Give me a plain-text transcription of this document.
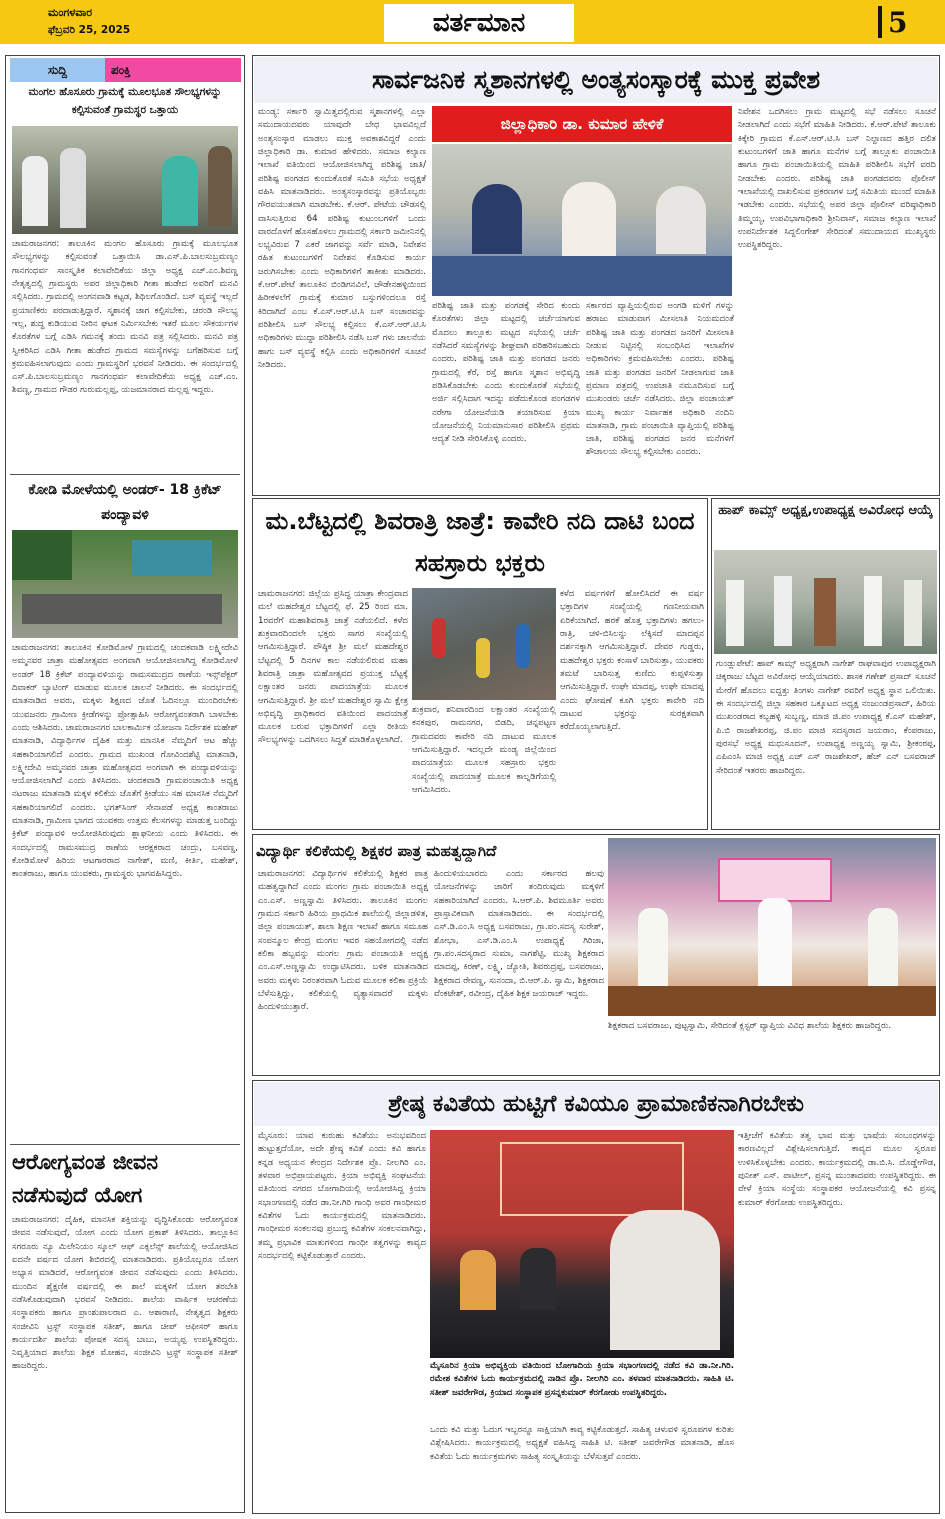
ಮಂಗಳವಾರ
ಫೆಬ್ರವರಿ 25, 2025	ವರ್ತಮಾನ	5
ಸುದ್ದಿ	ಪಂಕ್ತಿ
ಮಂಗಲ ಹೊಸೂರು ಗ್ರಾಮಕ್ಕೆ ಮೂಲಭೂತ ಸೌಲಭ್ಯಗಳನ್ನು ಕಲ್ಪಿಸುವಂತೆ ಗ್ರಾಮಸ್ಥರ ಒತ್ತಾಯ
ಚಾಮರಾಜನಗರ: ತಾಲೂಕಿನ ಮಂಗಲ ಹೊಸೂರು ಗ್ರಾಮಕ್ಕೆ ಮೂಲಭೂತ ಸೌಲಭ್ಯಗಳನ್ನು ಕಲ್ಪಿಸುವಂತೆ ಒತ್ತಾಯಿಸಿ ಡಾ.ಎಸ್.ಪಿ.ಬಾಲಸುಬ್ರಮಣ್ಯಂ ಗಾನಗಂಧರ್ವ ಸಾಂಸ್ಕೃತಿಕ ಕಲಾವೇದಿಕೆಯ ಜಿಲ್ಲಾ ಅಧ್ಯಕ್ಷ ಎಚ್.ಎಂ.ಶಿವಣ್ಣ ನೇತೃತ್ವದಲ್ಲಿ ಗ್ರಾಮಸ್ಥರು ಅಪರ ಜಿಲ್ಲಾಧಿಕಾರಿ ಗೀತಾ ಹುಡೇದ ಅವರಿಗೆ ಮನವಿ ಸಲ್ಲಿಸಿದರು. ಗ್ರಾಮದಲ್ಲಿ ಅಂಗನವಾಡಿ ಕಟ್ಟಡ, ಶಿಥಿಲಗೊಂಡಿದೆ. ಬಸ್ ವ್ಯವಸ್ಥೆ ಇಲ್ಲದೆ ಪ್ರಯಾಣಿಕರು ಪರದಾಡುತ್ತಿದ್ದಾರೆ. ಸ್ಮಶಾನಕ್ಕೆ ಜಾಗ ಕಲ್ಪಿಸಬೇಕು, ಚರಂಡಿ ಸೌಲಭ್ಯ ಇಲ್ಲ, ಶುದ್ಧ ಕುಡಿಯುವ ನೀರಿನ ಘಟಕ ನಿರ್ಮಿಸಬೇಕು ಇತರೆ ಮೂಲ ಸೌಕರ್ಯಗಳ ಕೊರತೆಗಳ ಬಗ್ಗೆ ಎಡಿಸಿ ಗಮನಕ್ಕೆ ತಂದು ಮನವಿ ಪತ್ರ ಸಲ್ಲಿಸಿದರು. ಮನವಿ ಪತ್ರ ಸ್ವೀಕರಿಸಿದ ಎಡಿಸಿ ಗೀತಾ ಹುಡೇದ ಗ್ರಾಮದ ಸಮಸ್ಯೆಗಳನ್ನು ಬಗೆಹರಿಸುವ ಬಗ್ಗೆ ಕ್ರಮವಹಿಸಲಾಗುವುದು ಎಂದು ಗ್ರಾಮಸ್ಥರಿಗೆ ಭರವಸೆ ನೀಡಿದರು. ಈ ಸಂದರ್ಭದಲ್ಲಿ ಎಸ್.ಪಿ.ಬಾಲಸುಬ್ರಮಣ್ಯಂ ಗಾನಗಂಧರ್ವ ಕಲಾವೇದಿಕೆಯ ಅಧ್ಯಕ್ಷ ಎಚ್.ಎಂ. ಶಿವಣ್ಣ, ಗ್ರಾಮದ ಗೌಡರ ಗುರುಮಲ್ಲಪ್ಪ, ಯಜಮಾನರಾದ ಮಲ್ಲಪ್ಪ ಇದ್ದರು.
ಕೋಡಿ ಮೋಳೆಯಲ್ಲಿ ಅಂಡರ್- 18 ಕ್ರಿಕೆಟ್ ಪಂದ್ಯಾವಳಿ
ಚಾಮರಾಜನಗರ: ತಾಲೂಕಿನ ಕೋಡಿಮೋಳೆ ಗ್ರಾಮದಲ್ಲಿ ಚಂದಕವಾಡಿ ಲಕ್ಷ್ಮೀದೇವಿ ಅಮ್ಮನವರ ಜಾತ್ರಾ ಮಹೋತ್ಸವದ ಅಂಗವಾಗಿ ಆಯೋಜಿಸಲಾಗಿದ್ದ ಕೋಡಿಮೋಳೆ ಅಂಡರ್ 18 ಕ್ರಿಕೆಟ್ ಪಂದ್ಯಾವಳಿಯನ್ನು ರಾಮಸಮುದ್ರದ ಠಾಣೆಯ ಇನ್ಸ್‌ಪೆಕ್ಟರ್ ದಿವಾಕರ್ ಬ್ಯಾಟಿಂಗ್ ಮಾಡುವ ಮೂಲಕ ಚಾಲನೆ ನೀಡಿದರು. ಈ ಸಂದರ್ಭದಲ್ಲಿ ಮಾತನಾಡಿದ ಅವರು, ಮಕ್ಕಳು ಶಿಕ್ಷಣದ ಜೊತೆ ಓದಿನಲ್ಲೂ ಮುಂದಿರಬೇಕು ಯುವಜನರು ಗ್ರಾಮೀಣ ಕ್ರೀಡೆಗಳನ್ನು ಪ್ರೋತ್ಸಾಹಿಸಿ ಆರೋಗ್ಯವಂತರಾಗಿ ಬಾಳಬೇಕು ಎಂದು ಆಶಿಸಿದರು. ಚಾಮರಾಜನಗರ ಬಾಲಕಾರ್ಮಿಕ ಯೋಜನಾ ನಿರ್ದೇಶಕ ಮಹೇಶ್ ಮಾತನಾಡಿ, ವಿದ್ಯಾರ್ಥಿಗಳ ದೈಹಿಕ ಮತ್ತು ಮಾನಸಿಕ ನೆಮ್ಮದಿಗೆ ಆಟ ಹೆಚ್ಚು ಸಹಕಾರಿಯಾಗಲಿದೆ ಎಂದರು. ಗ್ರಾಮದ ಮುಖಂಡ ಗೋವಿಂದಶೆಟ್ಟಿ ಮಾತನಾಡಿ, ಲಕ್ಷ್ಮೀದೇವಿ ಅಮ್ಮನವರ ಜಾತ್ರಾ ಮಹೋತ್ಸವದ ಅಂಗವಾಗಿ ಈ ಪಂದ್ಯಾವಳಿಯನ್ನು ಆಯೋಜಿಸಲಾಗಿದೆ ಎಂದು ತಿಳಿಸಿದರು. ಚಂದಕವಾಡಿ ಗ್ರಾಮಪಂಚಾಯಿತಿ ಅಧ್ಯಕ್ಷ ನಟರಾಜು ಮಾತನಾಡಿ ಮಕ್ಕಳ ಕಲಿಕೆಯ ಜೊತೆಗೆ ಕ್ರೀಡೆಯು ಸಹ ಮಾನಸಿಕ ನೆಮ್ಮದಿಗೆ ಸಹಕಾರಿಯಾಗಲಿದೆ ಎಂದರು. ಭಗತ್‌ಸಿಂಗ್ ಸೇನಾಪಡೆ ಅಧ್ಯಕ್ಷ ಕಾಂತರಾಜು ಮಾತನಾಡಿ, ಗ್ರಾಮೀಣ ಭಾಗದ ಯುವಕರು ಉತ್ತಮ ಕೆಲಸಗಳನ್ನು ಮಾಡುತ್ತ ಬಂದಿದ್ದು ಕ್ರಿಕೆಟ್ ಪಂದ್ಯಾವಳಿ ಆಯೋಜಿಸಿರುವುದು ಶ್ಲಾಘನೀಯ ಎಂದು ತಿಳಿಸಿದರು. ಈ ಸಂದರ್ಭದಲ್ಲಿ ರಾಮಸಮುದ್ರ ಠಾಣೆಯ ಆರಕ್ಷಕರಾದ ಚಂದ್ರು, ಬಸವಣ್ಣ, ಕೋಡಿಮೋಳೆ ಹಿರಿಯ ಆಟಗಾರರಾದ ನಾಗೇಶ್, ಮಣಿ, ಕೀರ್ತಿ, ಮಹೇಶ್, ಕಾಂತರಾಜು, ಹಾಗೂ ಯುವಕರು, ಗ್ರಾಮಸ್ಥರು ಭಾಗವಹಿಸಿದ್ದರು.
ಆರೋಗ್ಯವಂತ ಜೀವನ ನಡೆಸುವುದೆ ಯೋಗ
ಚಾಮರಾಜನಗರ: ದೈಹಿಕ, ಮಾನಸಿಕ ಶಕ್ತಿಯನ್ನು ವೃದ್ಧಿಸಿಕೊಂಡು ಆರೋಗ್ಯವಂತ ಜೀವನ ನಡೆಸುವುದೆ, ಯೋಗ ಎಂದು ಯೋಗ ಪ್ರಕಾಶ್ ತಿಳಿಸಿದರು. ತಾಲ್ಲೂಕಿನ ಸಗರೂರು ನ್ಯೂ ಮಿಲೇನಿಯಂ ಸ್ಕೂಲ್ ಆಫ್ ಎಕ್ಸಲೆನ್ಸ್ ಶಾಲೆಯಲ್ಲಿ ಆಯೋಜಿಸಿದ ಐದನೇ ವರ್ಷದ ಯೋಗ ಶಿಬಿರದಲ್ಲಿ ಮಾತನಾಡಿದರು. ಪ್ರತಿಯೊಬ್ಬರೂ ಯೋಗ ಅಭ್ಯಾಸ ಮಾಡಿದರೆ, ಆರೋಗ್ಯವಂತ ಜೀವನ ನಡೆಸುವುದು ಎಂದು ತಿಳಿಸಿದರು. ಮುಂದಿನ ಶೈಕ್ಷಣಿಕ ವರ್ಷದಲ್ಲಿ ಈ ಶಾಲೆ ಮಕ್ಕಳಿಗೆ ಯೋಗ ತರಬೇತಿ ನಡೆಸಿಕೊಡುವುದಾಗಿ ಭರವಸೆ ನೀಡಿದರು. ಶಾಲೆಯ ವಾರ್ಷಿಕ ಆಚರಣೆಯ ಸಂಸ್ಥಾಪಕರು ಹಾಗೂ ಪ್ರಾಂಶುಪಾಲರಾದ ಎ. ಆಶಾರಾಣಿ, ನೇತೃತ್ವದ ಶಿಕ್ಷಕರು ಸಂಜೀವಿನಿ ಟ್ರಸ್ಟ್ ಸಂಸ್ಥಾಪಕ ಸತೀಶ್, ಹಾಗೂ ಚೀಪ್ ಆಫೀಸರ್ ಹಾಗೂ ಕಾರ್ಯದರ್ಶಿ ಶಾಲೆಯ ಪೋಷಕ ಸದಸ್ಯ ಬಾಬು, ಅಯ್ಯಪ್ಪ ಉಪಸ್ಥಿತರಿದ್ದರು. ನಿವೃತ್ತಿಯಾದ ಶಾಲೆಯ ಶಿಕ್ಷಕ ಮೋಹನ, ಸಂಜೀವಿನಿ ಟ್ರಸ್ಟ್ ಸಂಸ್ಥಾಪಕ ಸತೀಶ್ ಹಾಜರಿದ್ದರು.
ಸಾರ್ವಜನಿಕ ಸ್ಮಶಾನಗಳಲ್ಲಿ ಅಂತ್ಯಸಂಸ್ಕಾರಕ್ಕೆ ಮುಕ್ತ ಪ್ರವೇಶ
ಮಂಡ್ಯ: ಸರ್ಕಾರಿ ಸ್ವಾಮಿತ್ವದಲ್ಲಿರುವ ಸ್ಮಶಾನಗಳಲ್ಲಿ ಎಲ್ಲಾ ಸಮುದಾಯದವರು ಯಾವುದೇ ಬೇಧ ಭಾವವಿಲ್ಲದೆ ಅಂತ್ಯಸಂಸ್ಕಾರ ಮಾಡಲು ಮುಕ್ತ ಅವಕಾಶವಿದ್ದರೆ ಎಂದು ಜಿಲ್ಲಾಧಿಕಾರಿ ಡಾ. ಕುಮಾರ ಹೇಳಿದರು. ಸಮಾಜ ಕಲ್ಯಾಣ ಇಲಾಖೆ ವತಿಯಿಂದ ಆಯೋಜಿಸಲಾಗಿದ್ದ ಪರಿಶಿಷ್ಟ ಜಾತಿ/ ಪರಿಶಿಷ್ಟ ಪಂಗಡದ ಕುಂದುಕೊರತೆ ಸಮಿತಿ ಸಭೆಯ ಅಧ್ಯಕ್ಷತೆ ವಹಿಸಿ ಮಾತನಾಡಿದರು. ಅಂತ್ಯಸಂಸ್ಕಾರವನ್ನು ಪ್ರತಿಯೊಬ್ಬರು ಗೌರವಯುತವಾಗಿ ಮಾಡಬೇಕು. ಕೆ.ಆರ್. ಪೇಟೆಯ ಚೌಡಸಲ್ಲಿ ವಾಸಿಸುತ್ತಿರುವ 64 ಪರಿಶಿಷ್ಟ ಕುಟುಂಬಗಳಿಗೆ ಒಂದು ವಾರದೊಳಗೆ ಹೊಸಹೊಳಲು ಗ್ರಾಮದಲ್ಲಿ ಸರ್ಕಾರಿ ಜಮೀನಿನಲ್ಲಿ ಲಭ್ಯವಿರುವ 7 ಎಕರೆ ಜಾಗವನ್ನು ಸರ್ವೆ ಮಾಡಿ, ನಿವೇಶನ ರಹಿತ ಕುಟುಂಬಗಳಿಗೆ ನಿವೇಶನ ಕೊಡಿಸುವ ಕಾರ್ಯ ಜರುಗಿಸಬೇಕು ಎಂದು ಅಧಿಕಾರಿಗಳಿಗೆ ತಾಕೀತು ಮಾಡಿದರು. ಕೆ.ಆರ್.ಪೇಟೆ ತಾಲೂಕಿನ ಬಿಂಡಿಗನವಿಲೆ, ಚೌಡೇನಹಳ್ಳಿಯಿಂದ ಹಿರೀಕಳಲೆಗೆ ಗ್ರಾಮಕ್ಕೆ ಕುಮಾರ ಬಸ್ಸುಗಳಿಂದಲೂ ರಸ್ತೆ ಕಿರಿದಾಗಿದೆ ಎಂಬ ಕೆ.ಎಸ್.ಆರ್.ಟಿ.ಸಿ ಬಸ್ ಸಂಚಾರವನ್ನು ಪರಿಶೀಲಿಸಿ ಬಸ್ ಸೌಲಭ್ಯ ಕಲ್ಪಿಸಲು ಕೆ.ಎಸ್.ಆರ್.ಟಿ.ಸಿ ಅಧಿಕಾರಿಗಳು ಮುದ್ದಾ ಪರಿಶೀಲಿಸಿ ನಡೆಸಿ ಬಸ್ ಗಳು ಚಾಲನೆಯ ಹಾಗು ಬಸ್ ವ್ಯವಸ್ಥೆ ಕಲ್ಪಿಸಿ ಎಂದು ಅಧಿಕಾರಿಗಳಿಗೆ ಸೂಚನೆ ನೀಡಿದರು.
ಜಿಲ್ಲಾಧಿಕಾರಿ ಡಾ. ಕುಮಾರ ಹೇಳಿಕೆ
ಪರಿಶಿಷ್ಟ ಜಾತಿ ಮತ್ತು ಪಂಗಡಕ್ಕೆ ಸೇರಿದ ಕುಂದು ಕೊರತೆಗಳು ಜಿಲ್ಲಾ ಮಟ್ಟದಲ್ಲಿ ಚರ್ಚೆಯಾಗುವ ಮೊದಲು ತಾಲ್ಲೂಕು ಮಟ್ಟದ ಸಭೆಯಲ್ಲಿ ಚರ್ಚೆ ನಡೆಸಿದರೆ ಸಮಸ್ಯೆಗಳನ್ನು ಶೀಘ್ರವಾಗಿ ಪರಿಹರಿಸಬಹುದು ಎಂದರು. ಪರಿಶಿಷ್ಟ ಜಾತಿ ಮತ್ತು ಪಂಗಡದ ಜನರು ಗ್ರಾಮದಲ್ಲಿ ಕೆರೆ, ರಸ್ತೆ ಹಾಗೂ ಸ್ಮಶಾನ ಅಭಿವೃದ್ಧಿ ಪಡಿಸಿಕೊಡಬೇಕು ಎಂದು ಕುಂದುಕೊರತೆ ಸಭೆಯಲ್ಲಿ ಅರ್ಜಿ ಸಲ್ಲಿಸಿದಾಗ ಇದನ್ನು ಪಡೆದುಕೊಂಡ ಪಂಗಡಗಳ ನರೇಗಾ ಯೋಜನೆಯಡಿ ತಯಾರಿಸುವ ಕ್ರಿಯಾ ಯೋಜನೆಯಲ್ಲಿ ನಿಯಮಾನುಸಾರ ಪರಿಶೀಲಿಸಿ ಪ್ರಥಮ ಆದ್ಯತೆ ನೀಡಿ ಸೇರಿಸಿಕೊಳ್ಳಿ ಎಂದರು.
ಸರ್ಕಾರದ ವ್ಯಾಪ್ತಿಯಲ್ಲಿರುವ ಅಂಗಡಿ ಮಳಿಗೆ ಗಳನ್ನು ಹರಾಜು ಮಾಡುವಾಗ ಮೀಸಲಾತಿ ನಿಯಮದಂತೆ ಪರಿಶಿಷ್ಟ ಜಾತಿ ಮತ್ತು ಪಂಗಡದ ಜನರಿಗೆ ಮೀಸಲಾತಿ ನೀಡುವ ನಿಟ್ಟಿನಲ್ಲಿ ಸಂಬಂಧಿಸಿದ ಇಲಾಖೆಗಳ ಅಧಿಕಾರಿಗಳು ಕ್ರಮವಹಿಸಬೇಕು ಎಂದರು. ಪರಿಶಿಷ್ಟ ಜಾತಿ ಮತ್ತು ಪಂಗಡದ ಜನರಿಗೆ ನೀಡಲಾಗುವ ಜಾತಿ ಪ್ರಮಾಣ ಪತ್ರದಲ್ಲಿ ಉಪಜಾತಿ ನಮೂದಿಸುವ ಬಗ್ಗೆ ಮುಖಂಡರು ಚರ್ಚೆ ನಡೆಸಿದರು. ಜಿಲ್ಲಾ ಪಂಚಾಯತ್ ಮುಖ್ಯ ಕಾರ್ಯ ನಿರ್ವಾಹಕ ಅಧಿಕಾರಿ ನಂದಿನಿ ಮಾತನಾಡಿ, ಗ್ರಾಮ ಪಂಚಾಯಿತಿ ವ್ಯಾಪ್ತಿಯಲ್ಲಿ ಪರಿಶಿಷ್ಟ ಜಾತಿ, ಪರಿಶಿಷ್ಟ ಪಂಗಡದ ಜನರ ಮನೆಗಳಿಗೆ ಶೌಚಾಲಯ ಸೌಲಭ್ಯ ಕಲ್ಪಿಸಬೇಕು ಎಂದರು.
ನಿವೇಶನ ಒದಗಿಸಲು ಗ್ರಾಮ ಮಟ್ಟದಲ್ಲಿ ಸಭೆ ನಡೆಸಲು ಸೂಚನೆ ನೀಡಲಾಗಿದೆ ಎಂದು ಸಭೆಗೆ ಮಾಹಿತಿ ನೀಡಿದರು. ಕೆ.ಆರ್.ಪೇಟೆ ತಾಲೂಕು ಕಿಕ್ಕೇರಿ ಗ್ರಾಮದ ಕೆ.ಎಸ್.ಆರ್.ಟಿ.ಸಿ ಬಸ್ ನಿಲ್ದಾಣದ ಹತ್ತಿರ ದಲಿತ ಕುಟುಂಬಗಳಿಗೆ ಜಾತಿ ಹಾಗೂ ಮನೆಗಳ ಬಗ್ಗೆ ತಾಲ್ಲೂಕು ಪಂಚಾಯಿತಿ ಹಾಗೂ ಗ್ರಾಮ ಪಂಚಾಯಿತಿಯಲ್ಲಿ ಮಾಹಿತಿ ಪರಿಶೀಲಿಸಿ ಸಭೆಗೆ ವರದಿ ನೀಡಬೇಕು ಎಂದರು. ಪರಿಶಿಷ್ಟ ಜಾತಿ ಪಂಗಡದವರು ಪೊಲೀಸ್ ಇಲಾಖೆಯಲ್ಲಿ ದಾಖಲಿಸುವ ಪ್ರಕರಣಗಳ ಬಗ್ಗೆ ಸಮಿತಿಯ ಮುಂದೆ ಮಾಹಿತಿ ಇಡಬೇಕು ಎಂದರು. ಸಭೆಯಲ್ಲಿ ಅಪರ ಜಿಲ್ಲಾ ಪೊಲೀಸ್ ವರಿಷ್ಠಾಧಿಕಾರಿ ತಿಮ್ಮಯ್ಯ, ಉಪವಿಭಾಗಾಧಿಕಾರಿ ಶ್ರೀನಿವಾಸ್, ಸಮಾಜ ಕಲ್ಯಾಣ ಇಲಾಖೆ ಉಪನಿರ್ದೇಶಕ ಸಿದ್ದಲಿಂಗೇಶ್ ಸೇರಿದಂತೆ ಸಮುದಾಯದ ಮುಖ್ಯಸ್ಥರು ಉಪಸ್ಥಿತರಿದ್ದರು.
ಮ.ಬೆಟ್ಟದಲ್ಲಿ ಶಿವರಾತ್ರಿ ಜಾತ್ರೆ: ಕಾವೇರಿ ನದಿ ದಾಟಿ ಬಂದ ಸಹಸ್ರಾರು ಭಕ್ತರು
ಚಾಮರಾಜನಗರ: ಜಿಲ್ಲೆಯ ಪ್ರಸಿದ್ಧ ಯಾತ್ರಾ ಕೇಂದ್ರವಾದ ಮಲೆ ಮಹದೇಶ್ವರ ಬೆಟ್ಟದಲ್ಲಿ ಫೆ. 25 ರಿಂದ ಮಾ. 1ರವರೆಗೆ ಮಹಾಶಿವರಾತ್ರಿ ಜಾತ್ರೆ ನಡೆಯಲಿದೆ. ಕಳೆದ ಶುಕ್ರವಾರದಿಂದಲೇ ಭಕ್ತರು ಸಾಗರ ಸಂಖ್ಯೆಯಲ್ಲಿ ಆಗಮಿಸುತ್ತಿದ್ದಾರೆ. ಪೌಷ್ಠಿಕ ಶ್ರೀ ಮಲೆ ಮಹದೇಶ್ವರ ಬೆಟ್ಟದಲ್ಲಿ 5 ದಿನಗಳ ಕಾಲ ನಡೆಯಲಿರುವ ಮಹಾ ಶಿವರಾತ್ರಿ ಜಾತ್ರಾ ಮಹೋತ್ಸವದ ಪ್ರಯುಕ್ತ ಬೆಟ್ಟಕ್ಕೆ ಲಕ್ಷಾಂತರ ಜನರು ಪಾದಯಾತ್ರೆಯ ಮೂಲಕ ಆಗಮಿಸುತ್ತಿದ್ದಾರೆ. ಶ್ರೀ ಮಲೆ ಮಹದೇಶ್ವರ ಸ್ವಾಮಿ ಕ್ಷೇತ್ರ ಅಭಿವೃದ್ಧಿ ಪ್ರಾಧಿಕಾರದ ವತಿಯಿಂದ ಪಾದಯಾತ್ರೆ ಮೂಲಕ ಬರುವ ಭಕ್ತಾದಿಗಳಿಗೆ ಎಲ್ಲಾ ರೀತಿಯ ಸೌಲಭ್ಯಗಳನ್ನು ಒದಗಿಸಲು ಸಿದ್ಧತೆ ಮಾಡಿಕೊಳ್ಳಲಾಗಿದೆ.
ಶುಕ್ರವಾರ, ಶನಿವಾರದಿಂದ ಲಕ್ಷಾಂತರ ಸಂಖ್ಯೆಯಲ್ಲಿ ಕನಕಪುರ, ರಾಮನಗರ, ಬಿಡದಿ, ಚನ್ನಪಟ್ಟಣ ಗ್ರಾಮದವರು ಕಾವೇರಿ ನದಿ ದಾಟುವ ಮೂಲಕ ಆಗಮಿಸುತ್ತಿದ್ದಾರೆ. ಇದಲ್ಲದೇ ಮಂಡ್ಯ ಜಿಲ್ಲೆಯಿಂದ ಪಾದಯಾತ್ರೆಯ ಮೂಲಕ ಸಹಸ್ರಾರು ಭಕ್ತರು ಸಂಖ್ಯೆಯಲ್ಲಿ ಪಾದಯಾತ್ರೆ ಮೂಲಕ ಕಾಲ್ನಡಿಗೆಯಲ್ಲಿ ಆಗಮಿಸಿದರು.
ಕಳೆದ ವರ್ಷಗಳಿಗೆ ಹೋಲಿಸಿದರೆ ಈ ವರ್ಷ ಭಕ್ತಾದಿಗಳ ಸಂಖ್ಯೆಯಲ್ಲಿ ಗಣನೀಯವಾಗಿ ಏರಿಕೆಯಾಗಿದೆ. ಹರಕೆ ಹೊತ್ತ ಭಕ್ತಾದಿಗಳು ಹಗಲು-ರಾತ್ರಿ, ಚಳಿ-ಬಿಸಿಲನ್ನು ಲೆಕ್ಕಿಸದೆ ಮಾದಪ್ಪನ ದರ್ಶನಕ್ಕಾಗಿ ಆಗಮಿಸುತ್ತಿದ್ದಾರೆ. ದೇವರ ಗುಡ್ಡರು, ಮಹದೇಶ್ವರ ಭಕ್ತರು ಕಂಸಾಳೆ ಬಾರಿಸುತ್ತಾ, ಯುವಕರು ತಮಟೆ ಬಾರಿಸುತ್ತ ಕುಣಿದು ಕುಪ್ಪಳಿಸುತ್ತಾ ಆಗಮಿಸುತ್ತಿದ್ದಾರೆ. ಉಘೇ ಮಾದಪ್ಪ, ಉಘೇ ಮಾದಪ್ಪ ಎಂದು ಘೋಷಣೆ ಕೂಗಿ ಭಕ್ತರು ಕಾವೇರಿ ನದಿ ದಾಟುವ ಭಕ್ತರನ್ನು ಸುರಕ್ಷತವಾಗಿ ಕರೆದೊಯ್ಯಲಾಗುತ್ತಿದೆ.
ಹಾಪ್ ಕಾಮ್ಸ್ ಅಧ್ಯಕ್ಷ,ಉಪಾಧ್ಯಕ್ಷ ಅವಿರೋಧ ಆಯ್ಕೆ
ಗುಂಡ್ಲುಪೇಟೆ: ಹಾಪ್ ಕಾಮ್ಸ್ ಅಧ್ಯಕ್ಷರಾಗಿ ನಾಗೇಶ್ ರಾಘವಾಪುರ ಉಪಾಧ್ಯಕ್ಷರಾಗಿ ಚಿಕ್ಕರಾಜು ಬೆಟ್ಟದ ಅವಿರೋಧ ಆಯ್ಕೆಯಾದರು. ಶಾಸಕ ಗಣೇಶ್ ಪ್ರಸಾದ್ ಸೂಚನೆ ಮೇರೆಗೆ ಹೊದಲು ಐದ್ದತ್ತು ತಿಂಗಳು ನಾಗೇಶ್ ರವರಿಗೆ ಅಧ್ಯಕ್ಷ ಸ್ಥಾನ ಒಲಿಯಿತು. ಈ ಸಂದರ್ಭದಲ್ಲಿ ಜಿಲ್ಲಾ ಸಹಕಾರ ಒಕ್ಕೂಟದ ಅಧ್ಯಕ್ಷ ನಂಜುಂಡಪ್ರಸಾದ್, ಹಿರಿಯ ಮುಖಂಡರಾದ ಕಬ್ಬಹಳ್ಳಿ ಸುಬ್ಬಣ್ಣ, ಮಾಜಿ ಜಿ.ಪಂ ಉಪಾಧ್ಯಕ್ಷ ಕೆ.ಎಸ್ ಮಹೇಶ್, ಪಿ.ಬಿ ರಾಜಶೇಖರಪ್ಪ, ಜಿ.ಪಂ ಮಾಜಿ ಸದಸ್ಯರಾದ ಜಯರಾಂ, ಕೆಂಪರಾಜು, ಪುರಸಭೆ ಅಧ್ಯಕ್ಷ ಮಧುಸೂದನ್, ಉಪಾಧ್ಯಕ್ಷ ಅಣ್ಣಯ್ಯ ಸ್ವಾಮಿ, ಶ್ರೀಕಂಠಪ್ಪ, ಎಪಿಎಂಸಿ ಮಾಜಿ ಅಧ್ಯಕ್ಷ ಎಚ್ ಎಸ್ ರಾಜಶೇಖರ್, ಹೆಚ್ ಎನ್ ಬಸವರಾಜ್ ಸೇರಿದಂತೆ ಇತರರು ಹಾಜರಿದ್ದರು.
ವಿದ್ಯಾರ್ಥಿ ಕಲಿಕೆಯಲ್ಲಿ ಶಿಕ್ಷಕರ ಪಾತ್ರ ಮಹತ್ವದ್ದಾಗಿದೆ
ಚಾಮರಾಜನಗರ: ವಿದ್ಯಾರ್ಥಿಗಳ ಕಲಿಕೆಯಲ್ಲಿ ಶಿಕ್ಷಕರ ಪಾತ್ರ ಮಹತ್ವದ್ದಾಗಿದೆ ಎಂದು ಮಂಗಲ ಗ್ರಾಮ ಪಂಚಾಯಿತಿ ಅಧ್ಯಕ್ಷ ಎಂ.ಎಸ್. ಅಣ್ಣಸ್ವಾಮಿ ತಿಳಿಸಿದರು. ತಾಲೂಕಿನ ಮಂಗಲ ಗ್ರಾಮದ ಸರ್ಕಾರಿ ಹಿರಿಯ ಪ್ರಾಥಮಿಕ ಶಾಲೆಯಲ್ಲಿ ಜಿಲ್ಲಾಡಳಿತ, ಜಿಲ್ಲಾ ಪಂಚಾಯತ್, ಶಾಲಾ ಶಿಕ್ಷಣ ಇಲಾಖೆ ಹಾಗೂ ಸಮೂಹ ಸಂಪನ್ಮೂಲ ಕೇಂದ್ರ ಮಂಗಲ ಇವರ ಸಹಯೋಗದಲ್ಲಿ ನಡೆದ ಕಲಿಕಾ ಹಬ್ಬವನ್ನು ಮಂಗಲ ಗ್ರಾಮ ಪಂಚಾಯತಿ ಅಧ್ಯಕ್ಷ ಎಂ.ಎಸ್.ಅಣ್ಣಸ್ವಾಮಿ ಉದ್ಘಾಟಿಸಿದರು. ಬಳಿಕ ಮಾತನಾಡಿದ ಅವರು ಮಕ್ಕಳು ನಿರಂತರವಾಗಿ ಓದುವ ಮೂಲಕ ಕಲಿಕಾ ಪ್ರಕ್ರಿಯೆ ಬೆಳೆಸುತ್ತಿದ್ದು, ಕಲಿಕೆಯಲ್ಲಿ ವ್ಯತ್ಯಾಸವಾದರೆ ಮಕ್ಕಳು ಹಿಂದುಳಿಯುತ್ತಾರೆ.
ಹಿಂದುಳಿಯಬಾರದು ಎಂದು ಸರ್ಕಾರದ ಹಲವು ಯೋಜನೆಗಳನ್ನು ಜಾರಿಗೆ ತಂದಿರುವುದು ಮಕ್ಕಳಿಗೆ ಸಹಕಾರಿಯಾಗಿದೆ ಎಂದರು. ಸಿ.ಆರ್.ಪಿ. ಶಿವಮೂರ್ತಿ ಅವರು ಪ್ರಾಸ್ತಾವಿಕವಾಗಿ ಮಾತನಾಡಿದರು. ಈ ಸಂದರ್ಭದಲ್ಲಿ ಎಸ್.ಡಿ.ಎಂ.ಸಿ ಅಧ್ಯಕ್ಷ ಬಸವರಾಜು, ಗ್ರಾ.ಪಂ.ಸದಸ್ಯ ಸುರೇಶ್, ಶೋಭಾ, ಎಸ್.ಡಿ.ಎಂ.ಸಿ ಉಪಾಧ್ಯಕ್ಷೆ ಗಿರಿಜಾ, ಗ್ರಾ.ಪಂ.ಸದಸ್ಯರಾದ ಸುಮಾ, ನಾಗಶೆಟ್ಟಿ, ಮುಖ್ಯ ಶಿಕ್ಷಕರಾದ ಮಾದಪ್ಪ, ಕಿರಣ್, ಲಕ್ಷ್ಮಿ, ಜ್ಯೋತಿ, ಶಿವರುದ್ರಪ್ಪ, ಬಸವರಾಜು, ಶಿಕ್ಷಕರಾದ ರೇವಣ್ಣ, ಸುನಂದಾ, ಬಿ.ಆರ್.ಪಿ. ಸ್ವಾಮಿ, ಶಿಕ್ಷಕರಾದ ವೆಂಕಟೇಶ್, ರವೀಂದ್ರ, ದೈಹಿಕ ಶಿಕ್ಷಕ ಜಯರಾಜ್ ಇದ್ದರು.
ಶಿಕ್ಷಕರಾದ ಬಸವರಾಜು, ಪುಟ್ಟಸ್ವಾಮಿ, ಸೇರಿದಂತೆ ಕ್ಲಸ್ಟರ್ ವ್ಯಾಪ್ತಿಯ ವಿವಿಧ ಶಾಲೆಯ ಶಿಕ್ಷಕರು ಹಾಜರಿದ್ದರು.
ಶ್ರೇಷ್ಠ ಕವಿತೆಯ ಹುಟ್ಟಿಗೆ ಕವಿಯೂ ಪ್ರಾಮಾಣಿಕನಾಗಿರಬೇಕು
ಮೈಸೂರು: ಯಾವ ಕುರುಹು ಕವಿತೆಯು ಅನುಭವದಿಂದ ಹುಟ್ಟುತ್ತದೆಯೋ, ಅದೇ ಶ್ರೇಷ್ಠ ಕವಿತೆ ಎಂದು ಕವಿ ಹಾಗೂ ಕನ್ನಡ ಅಧ್ಯಯನ ಕೇಂದ್ರದ ನಿರ್ದೇಶಕ ಪ್ರೊ. ನೀಲಗಿರಿ ಎಂ. ತಳವಾರ ಅಭಿಪ್ರಾಯಪಟ್ಟರು. ಕ್ರಿಯಾ ಅಭಿವ್ಯಕ್ತಿ ಸಂಘಟನೆಯ ವತಿಯಿಂದ ನಗರದ ಬೋಗಾದಿಯಲ್ಲಿ ಆಯೋಜಿಸಿದ್ದ ಕ್ರಿಯಾ ಸಭಾಂಗಣದಲ್ಲಿ ನಡೆದ ಡಾ.ನೀ.ಗಿರಿ ಗಾಂಧಿ ಅವರ ಗಾಂಧೀಮರ ಕವಿತೆಗಳ ಓದು ಕಾರ್ಯಕ್ರಮದಲ್ಲಿ ಮಾತನಾಡಿದರು. ಗಾಂಧೀಮರ ಸಂಕಲನವು ಪ್ರಬುದ್ಧ ಕವಿತೆಗಳ ಸಂಕಲನವಾಗಿದ್ದು, ತಮ್ಮ ಪ್ರಭಾವಿಕ ಮಾತುಗಳಿಂದ ಗಾಂಧೀ ತತ್ವಗಳನ್ನು ಕಾವ್ಯದ ಸಂದರ್ಭದಲ್ಲಿ ಕಟ್ಟಿಕೊಡುತ್ತಾರೆ ಎಂದರು.
ಮೈಸೂರಿನ ಕ್ರಿಯಾ ಅಭಿವ್ಯಕ್ತಿಯ ವತಿಯಿಂದ ಬೋಗಾದಿಯ ಕ್ರಿಯಾ ಸಭಾಂಗಣದಲ್ಲಿ ನಡೆದ ಕವಿ ಡಾ.ನೀ.ಗಿರಿ. ರಮೇಶ ಕವಿತೆಗಳ ಓದು ಕಾರ್ಯಕ್ರಮದಲ್ಲಿ ನಾಡಿನ ಪ್ರೊ. ನೀಲಗಿರಿ ಎಂ. ತಳವಾರ ಮಾತನಾಡಿದರು. ಸಾಹಿತಿ ಟಿ. ಸತೀಶ್ ಜವರೇಗೌಡ, ಕ್ರಿಯಾದ ಸಂಸ್ಥಾಪಕ ಪ್ರಸನ್ನಕುಮಾರ್ ಕೆರಗೋಡು ಉಪಸ್ಥಿತರಿದ್ದರು.
ಒಂದು ಕವಿ ಮತ್ತು ಓದುಗ ಇಬ್ಬರನ್ನೂ ಸಾಕ್ಷಿಯಾಗಿ ಕಾವ್ಯ ಕಟ್ಟಿಕೊಡುತ್ತದೆ. ಸಾಹಿತ್ಯ ಚಳುವಳಿ ಸ್ವರೂಪಗಳ ಕುರಿತು ವಿಶ್ಲೇಷಿಸಿದರು. ಕಾರ್ಯಕ್ರಮದಲ್ಲಿ ಅಧ್ಯಕ್ಷತೆ ವಹಿಸಿದ್ದ ಸಾಹಿತಿ ಟಿ. ಸತೀಶ್ ಜವರೇಗೌಡ ಮಾತನಾಡಿ, ಹೊಸ ಕವಿತೆಯ ಓದು ಕಾರ್ಯಕ್ರಮಗಳು ಸಾಹಿತ್ಯ ಸಂಸ್ಕೃತಿಯನ್ನು ಬೆಳೆಸುತ್ತವೆ ಎಂದರು.
ಇತ್ತೀಚೆಗೆ ಕವಿತೆಯ ತತ್ವ ಭಾವ ಮತ್ತು ಭಾಷೆಯ ಸಂಬಂಧಗಳನ್ನು ಕಾರಣವಿಲ್ಲದೆ ವಿಶ್ಲೇಷಿಸಲಾಗುತ್ತಿದೆ. ಕಾವ್ಯದ ಮೂಲ ಸ್ವರೂಪ ಉಳಿಸಿಕೊಳ್ಳಬೇಕು ಎಂದರು. ಕಾರ್ಯಕ್ರಮದಲ್ಲಿ ಡಾ.ಬಿ.ಸಿ. ದೊಡ್ಡೇಗೌಡ, ಪುನೀತ್ ಎಸ್. ಪಾಟೀಲ್, ಪ್ರಸನ್ನ ಮುಂತಾದವರು ಉಪಸ್ಥಿತರಿದ್ದರು. ಈ ವೇಳೆ ಕ್ರಿಯಾ ಸಂಸ್ಥೆಯ ಸಂಸ್ಥಾಪಕರ ಆಯೋಜನೆಯಲ್ಲಿ ಕವಿ ಪ್ರಸನ್ನ ಕುಮಾರ್ ಕೆರಗೋಡು ಉಪಸ್ಥಿತರಿದ್ದರು.
